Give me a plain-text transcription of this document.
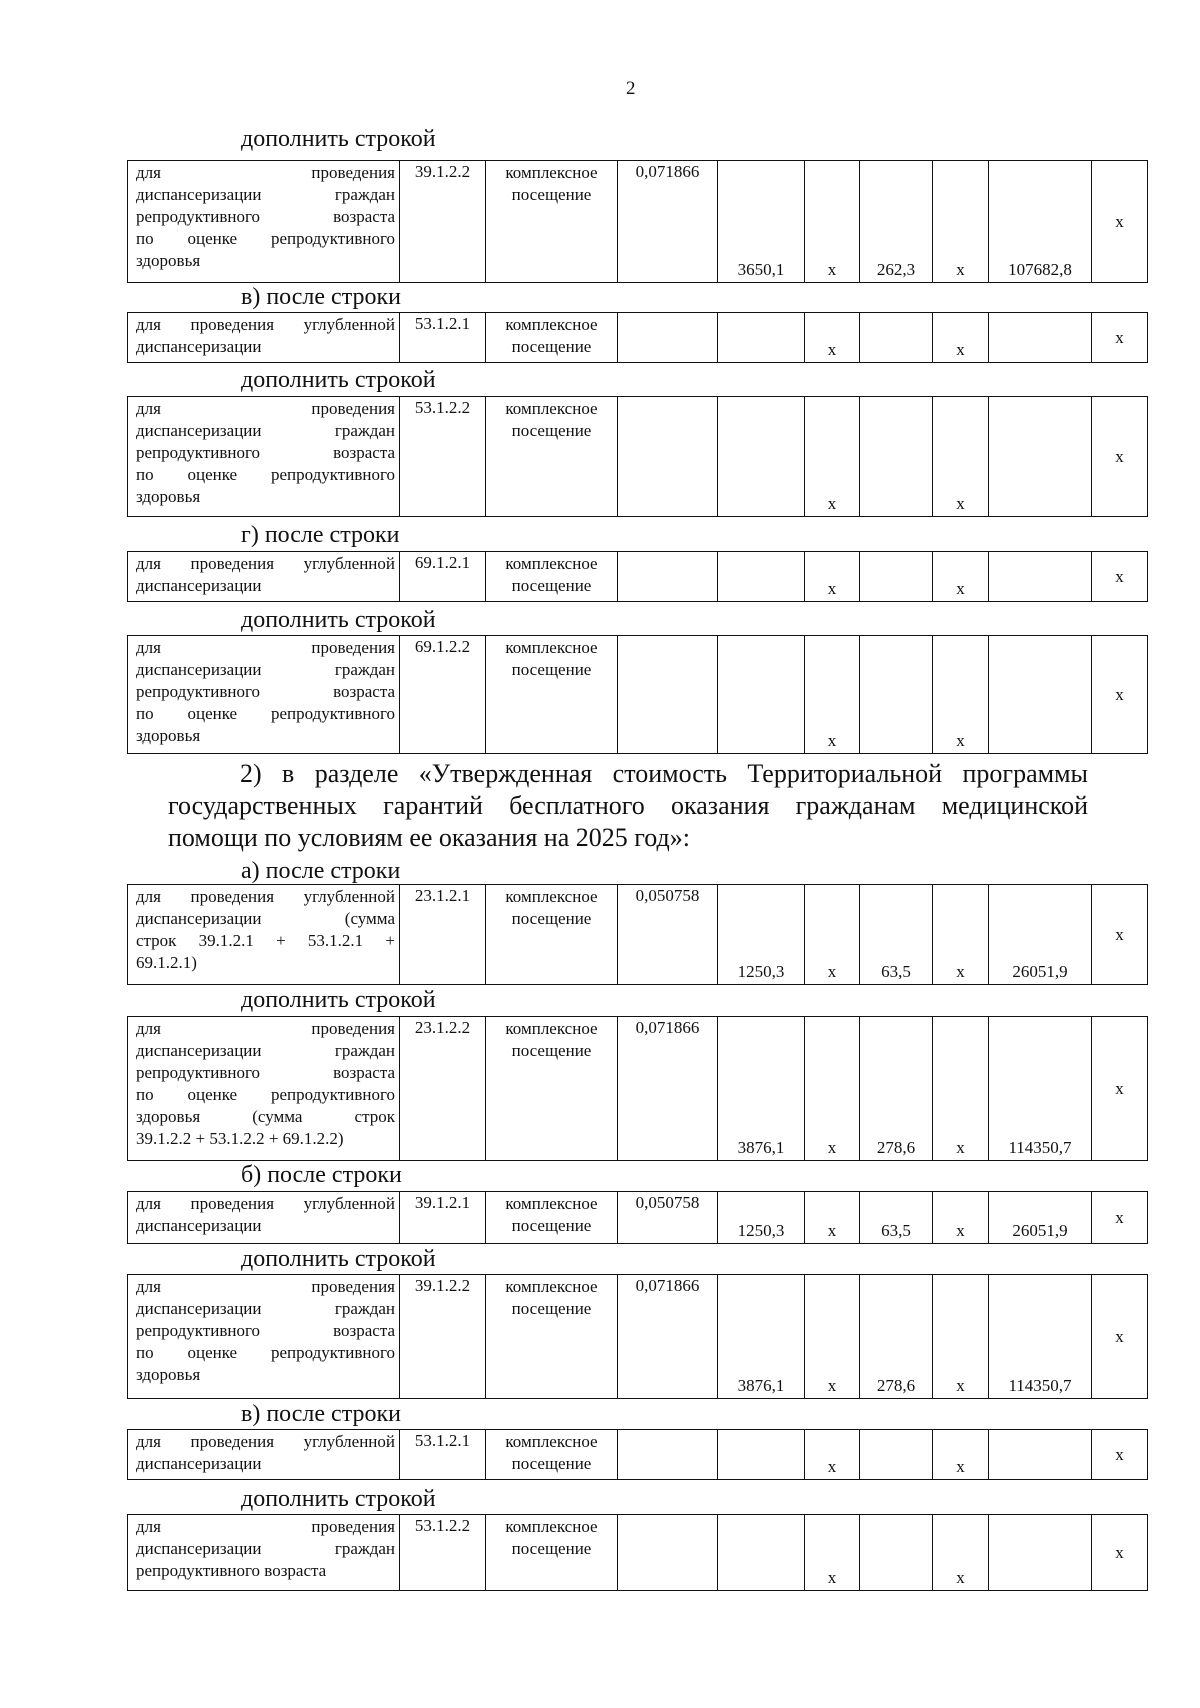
2
дополнить строкой
для проведения
диспансеризации граждан
репродуктивного возраста
по оценке репродуктивного
здоровья
	39.1.2.2	комплексное посещение	0,071866	3650,1	х	262,3	х	107682,8	х
в) после строки
для проведения углубленной
диспансеризации
	53.1.2.1	комплексное посещение			х		х		х
дополнить строкой
для проведения
диспансеризации граждан
репродуктивного возраста
по оценке репродуктивного
здоровья
	53.1.2.2	комплексное посещение			х		х		х
г) после строки
для проведения углубленной
диспансеризации
	69.1.2.1	комплексное посещение			х		х		х
дополнить строкой
для проведения
диспансеризации граждан
репродуктивного возраста
по оценке репродуктивного
здоровья
	69.1.2.2	комплексное посещение			х		х		х
2) в разделе «Утвержденная стоимость Территориальной программы
государственных гарантий бесплатного оказания гражданам медицинской
помощи по условиям ее оказания на 2025 год»:
а) после строки
для проведения углубленной
диспансеризации (сумма
строк 39.1.2.1 + 53.1.2.1 +
69.1.2.1)
	23.1.2.1	комплексное посещение	0,050758	1250,3	х	63,5	х	26051,9	х
дополнить строкой
для проведения
диспансеризации граждан
репродуктивного возраста
по оценке репродуктивного
здоровья (сумма строк
39.1.2.2 + 53.1.2.2 + 69.1.2.2)
	23.1.2.2	комплексное посещение	0,071866	3876,1	х	278,6	х	114350,7	х
б) после строки
для проведения углубленной
диспансеризации
	39.1.2.1	комплексное посещение	0,050758	1250,3	х	63,5	х	26051,9	х
дополнить строкой
для проведения
диспансеризации граждан
репродуктивного возраста
по оценке репродуктивного
здоровья
	39.1.2.2	комплексное посещение	0,071866	3876,1	х	278,6	х	114350,7	х
в) после строки
для проведения углубленной
диспансеризации
	53.1.2.1	комплексное посещение			х		х		х
дополнить строкой
для проведения
диспансеризации граждан
репродуктивного возраста
	53.1.2.2	комплексное посещение			х		х		х
